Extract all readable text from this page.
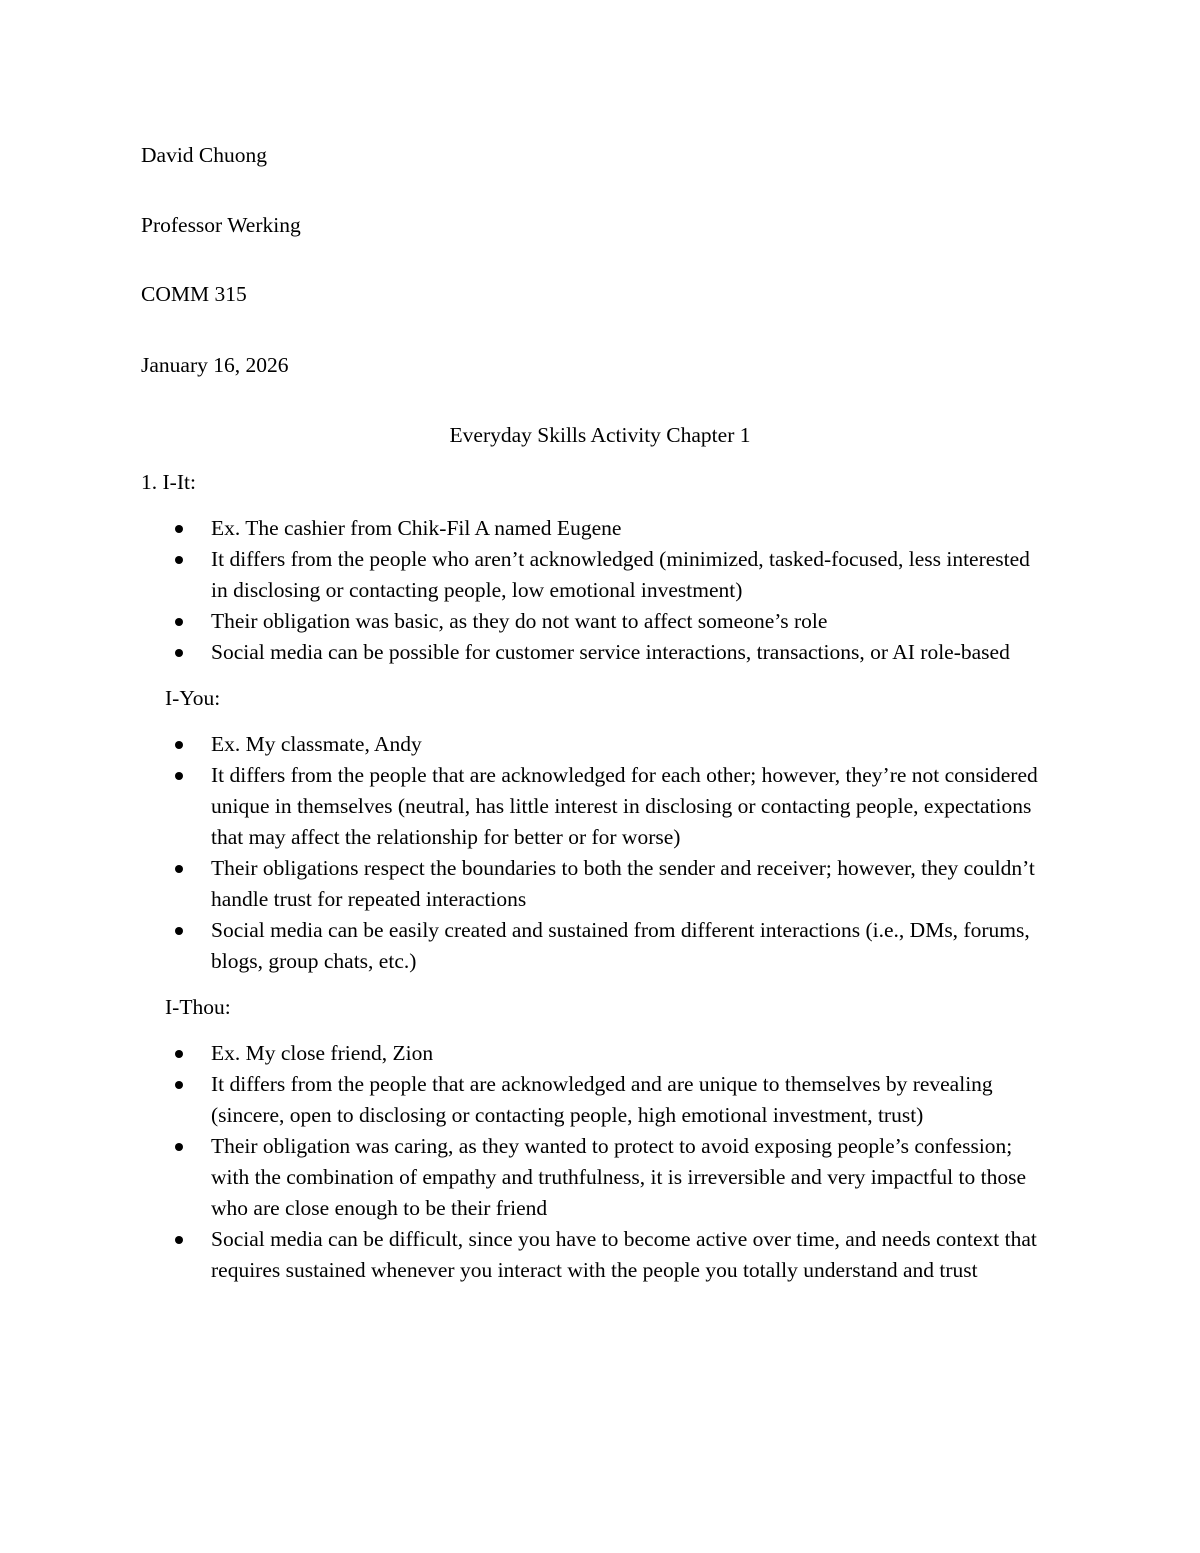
David Chuong

Professor Werking

COMM 315

January 16, 2026

Everyday Skills Activity Chapter 1

1. I-It:

Ex. The cashier from Chik-Fil A named Eugene
It differs from the people who aren’t acknowledged (minimized, tasked-focused, less interested in disclosing or contacting people, low emotional investment)
Their obligation was basic, as they do not want to affect someone’s role
Social media can be possible for customer service interactions, transactions, or AI role-based

I-You:

Ex. My classmate, Andy
It differs from the people that are acknowledged for each other; however, they’re not considered unique in themselves (neutral, has little interest in disclosing or contacting people, expectations that may affect the relationship for better or for worse)
Their obligations respect the boundaries to both the sender and receiver; however, they couldn’t handle trust for repeated interactions
Social media can be easily created and sustained from different interactions (i.e., DMs, forums, blogs, group chats, etc.)

I-Thou:

Ex. My close friend, Zion
It differs from the people that are acknowledged and are unique to themselves by revealing (sincere, open to disclosing or contacting people, high emotional investment, trust)
Their obligation was caring, as they wanted to protect to avoid exposing people’s confession; with the combination of empathy and truthfulness, it is irreversible and very impactful to those who are close enough to be their friend
Social media can be difficult, since you have to become active over time, and needs context that requires sustained whenever you interact with the people you totally understand and trust
